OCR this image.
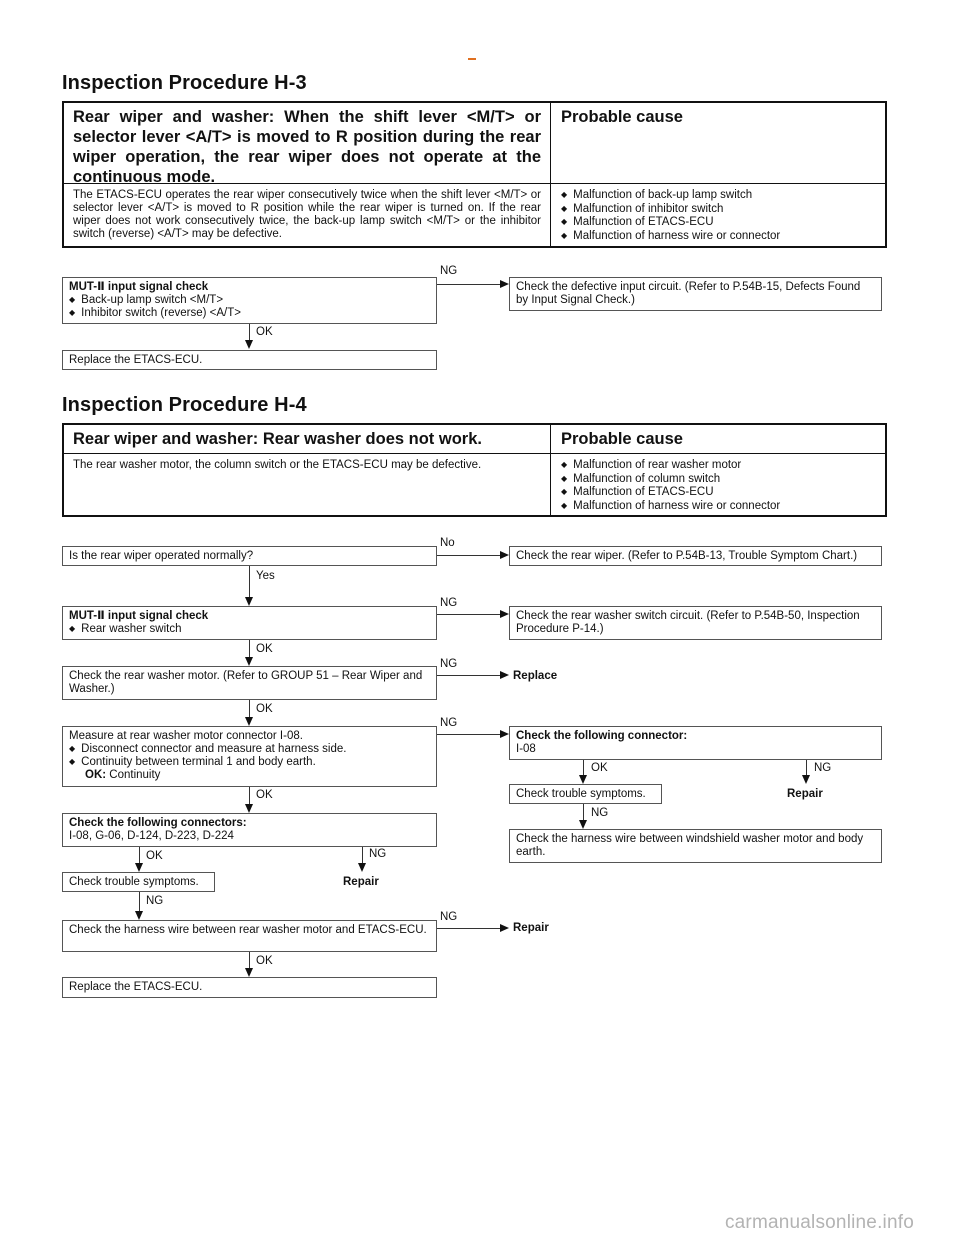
Inspection Procedure H-3
Rear wiper and washer: When the shift lever <M/T> or selector lever <A/T> is moved to R position during the rear wiper operation, the rear wiper does not operate at the continuous mode.
Probable cause
The ETACS-ECU operates the rear wiper consecutively twice when the shift lever <M/T> or selector lever <A/T> is moved to R position while the rear wiper is turned on. If the rear wiper does not work consecutively twice, the back-up lamp switch <M/T> or the inhibitor switch (reverse) <A/T> may be defective.
◆ Malfunction of back-up lamp switch
◆ Malfunction of inhibitor switch
◆ Malfunction of ETACS-ECU
◆ Malfunction of harness wire or connector
MUT-Ⅱ input signal check
◆ Back-up lamp switch <M/T>
◆ Inhibitor switch (reverse) <A/T>
NG
Check the defective input circuit. (Refer to P.54B-15, Defects Found by Input Signal Check.)
OK
Replace the ETACS-ECU.
Inspection Procedure H-4
Rear wiper and washer: Rear washer does not work.	Probable cause
The rear washer motor, the column switch or the ETACS-ECU may be defective.
◆	Malfunction of rear washer motor
◆ Malfunction of column switch
◆ Malfunction of ETACS-ECU
◆ Malfunction of harness wire or connector
Is the rear wiper operated normally?
No
Check the rear wiper. (Refer to P.54B-13, Trouble Symptom Chart.)
Yes
MUT-Ⅱ input signal check
◆ Rear washer switch
NG
Check the rear washer switch circuit. (Refer to P.54B-50, Inspection Procedure P-14.)
OK
Check the rear washer motor. (Refer to GROUP 51 – Rear Wiper and Washer.)
NG
Replace
OK
Measure at rear washer motor connector I-08.
◆ Disconnect connector and measure at harness side.
◆ Continuity between terminal 1 and body earth.
OK: Continuity
NG
Check the following connector:
I-08
OK	NG
Repair
Check trouble symptoms.
NG
Check the harness wire between windshield washer motor and body earth.
OK
Check the following connectors:
I-08, G-06, D-124, D-223, D-224
OK	NG
Repair
Check trouble symptoms.
NG
Check the harness wire between rear washer motor and ETACS-ECU.
NG
Repair
OK
Replace the ETACS-ECU.
carmanualsonline.info
